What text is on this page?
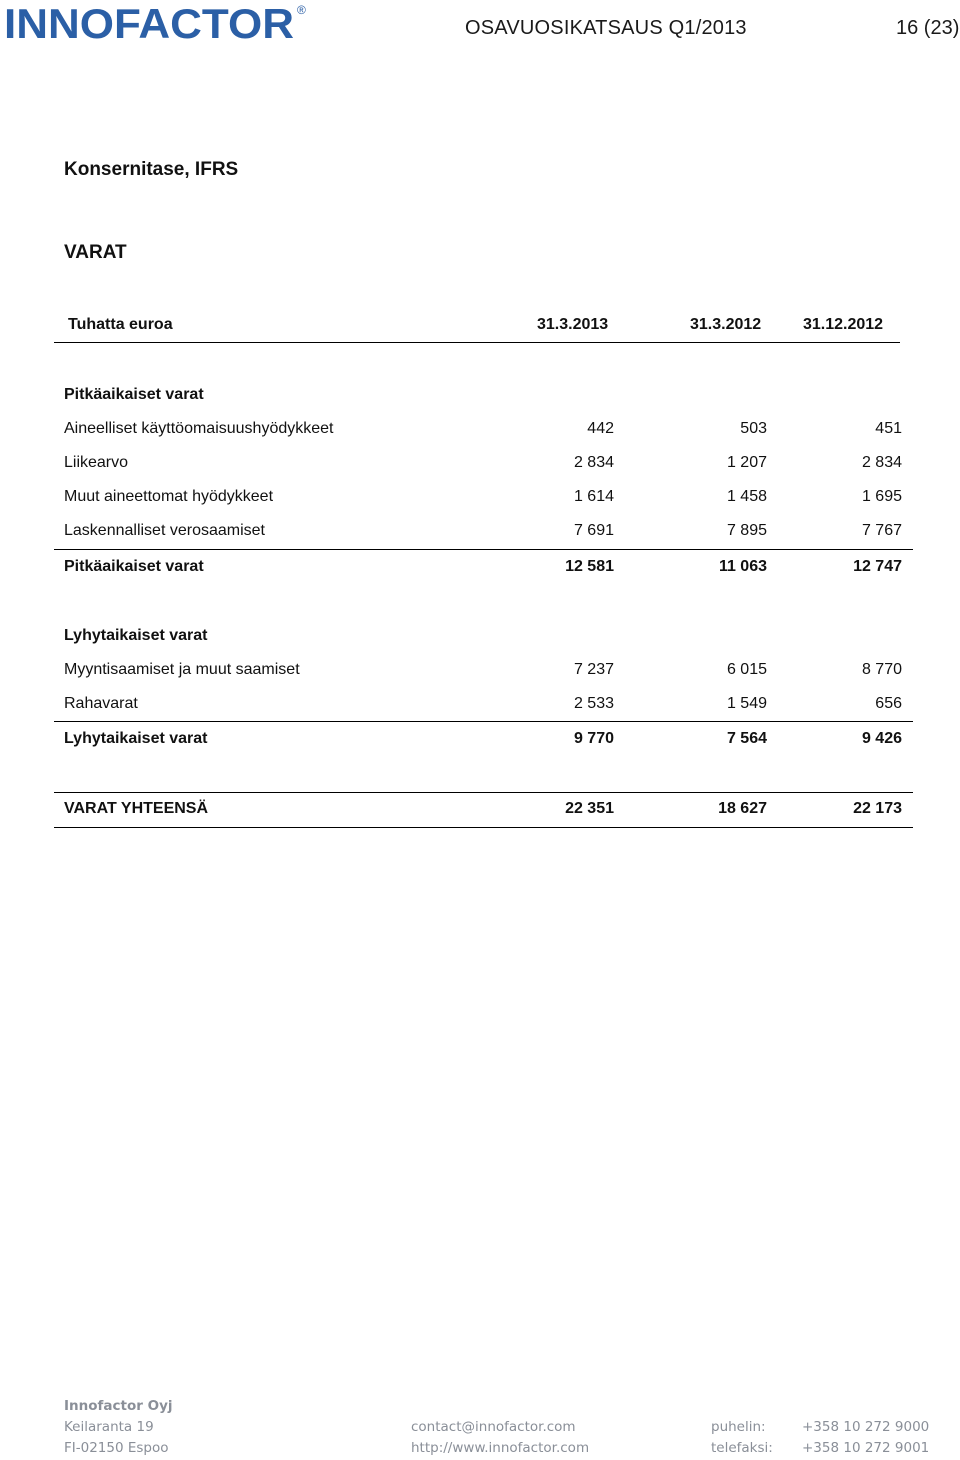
INNOFACTOR ®
OSAVUOSIKATSAUS Q1/2013	16 (23)
Konsernitase, IFRS
VARAT
Tuhatta euroa	31.3.2013	31.3.2012	31.12.2012
Pitkäaikaiset varat
Aineelliset käyttöomaisuushyödykkeet	442	503	451
Liikearvo	2 834	1 207	2 834
Muut aineettomat hyödykkeet	1 614	1 458	1 695
Laskennalliset verosaamiset	7 691	7 895	7 767
Pitkäaikaiset varat	12 581	11 063	12 747
Lyhytaikaiset varat
Myyntisaamiset ja muut saamiset	7 237	6 015	8 770
Rahavarat	2 533	1 549	656
Lyhytaikaiset varat	9 770	7 564	9 426
VARAT YHTEENSÄ	22 351	18 627	22 173
Innofactor Oyj
Keilaranta 19
FI-02150 Espoo
contact@innofactor.com
http://www.innofactor.com
puhelin:	+358 10 272 9000
telefaksi: +358 10 272 9001
